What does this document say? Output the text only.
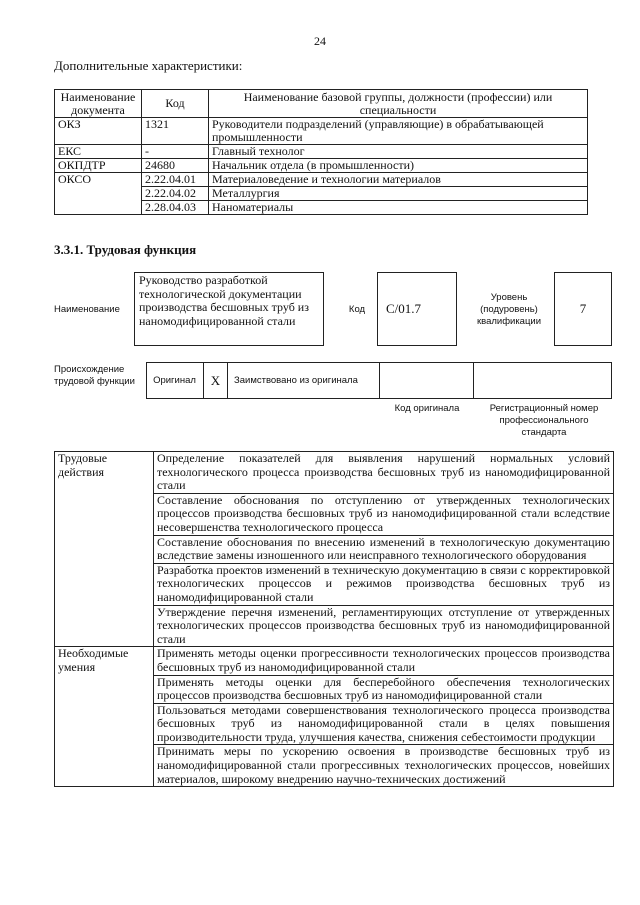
24
Дополнительные характеристики:
Наименование документа	Код	Наименование базовой группы, должности (профессии) или специальности
ОКЗ	1321	Руководители подразделений (управляющие) в обрабатывающей промышленности
ЕКС	-	Главный технолог
ОКПДТР	24680	Начальник отдела (в промышленности)
ОКСО	2.22.04.01	Материаловедение и технологии материалов
	2.22.04.02	Металлургия
	2.28.04.03	Наноматериалы
3.3.1. Трудовая функция
Наименование
Руководство разработкой технологической документации производства бесшовных труб из наномодифицированной стали
Код	C/01.7
Уровень (подуровень) квалификации
7
Происхождение трудовой функции	Оригинал	X	Заимствовано из оригинала
Код оригинала	Регистрационный номер профессионального стандарта
Трудовые действия	Определение показателей для выявления нарушений нормальных условий технологического процесса производства бесшовных труб из наномодифицированной стали
	Составление обоснования по отступлению от утвержденных технологических процессов производства бесшовных труб из наномодифицированной стали вследствие несовершенства технологического процесса
	Составление обоснования по внесению изменений в технологическую документацию вследствие замены изношенного или неисправного технологического оборудования
	Разработка проектов изменений в техническую документацию в связи с корректировкой технологических процессов и режимов производства бесшовных труб из наномодифицированной стали
	Утверждение перечня изменений, регламентирующих отступление от утвержденных технологических процессов производства бесшовных труб из наномодифицированной стали
Необходимые умения	Применять методы оценки прогрессивности технологических процессов производства бесшовных труб из наномодифицированной стали
	Применять методы оценки для бесперебойного обеспечения технологических процессов производства бесшовных труб из наномодифицированной стали
	Пользоваться методами совершенствования технологического процесса производства бесшовных труб из наномодифицированной стали в целях повышения производительности труда, улучшения качества, снижения себестоимости продукции
	Принимать меры по ускорению освоения в производстве бесшовных труб из наномодифицированной стали прогрессивных технологических процессов, новейших материалов, широкому внедрению научно-технических достижений
